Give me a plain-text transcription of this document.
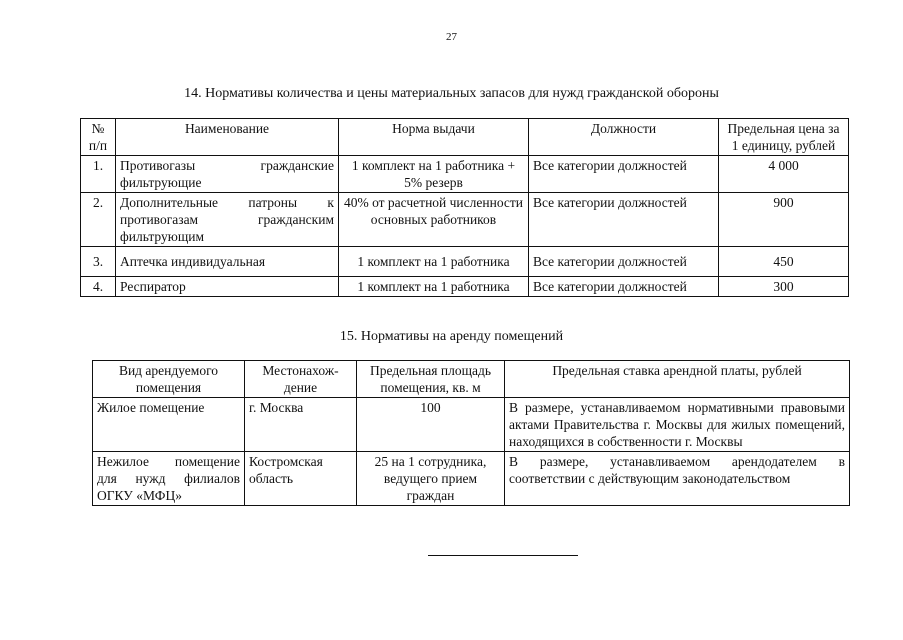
27
14. Нормативы количества и цены материальных запасов для нужд гражданской обороны
№ п/п	Наименование	Норма выдачи	Должности	Предельная цена за 1 единицу, рублей
1.	Противогазы гражданские фильтрующие	1 комплект на 1 работника + 5% резерв	Все категории должностей	4 000
2.	Дополнительные патроны к противогазам гражданским фильтрующим	40% от расчетной численности основных работников	Все категории должностей	900
3.	Аптечка индивидуальная	1 комплект на 1 работника	Все категории должностей	450
4.	Респиратор	1 комплект на 1 работника	Все категории должностей	300
15. Нормативы на аренду помещений
Вид арендуемого помещения	Местонахож-дение	Предельная площадь помещения, кв. м	Предельная ставка арендной платы, рублей
Жилое помещение	г. Москва	100	В размере, устанавливаемом нормативными правовыми актами Правительства г. Москвы для жилых помещений, находящихся в собственности г. Москвы
Нежилое помещение для нужд филиалов ОГКУ «МФЦ»	Костромская область	25 на 1 сотрудника, ведущего прием граждан	В размере, устанавливаемом арендодателем в соответствии с действующим законодательством
